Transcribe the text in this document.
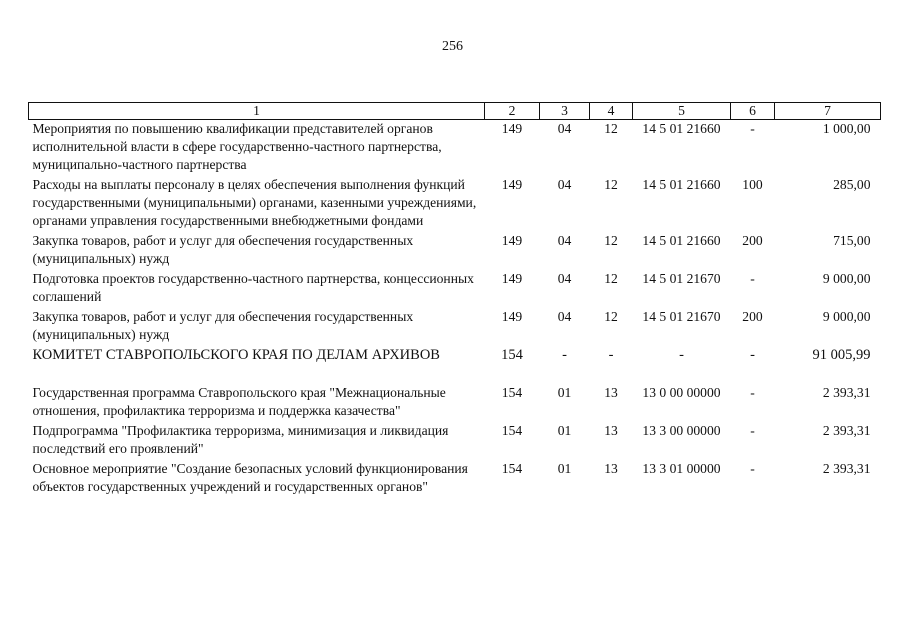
256
1	2	3	4	5	6	7
Мероприятия по повышению квалификации представителей органов исполнительной власти в сфере государственно-частного партнерства, муниципально-частного партнерства	149	04	12	14 5 01 21660	-	1 000,00
Расходы на выплаты персоналу в целях обеспечения выполнения функций государственными (муниципальными) органами, казенными учреждениями, органами управления государственными внебюджетными фондами	149	04	12	14 5 01 21660	100	285,00
Закупка товаров, работ и услуг для обеспечения государственных (муниципальных) нужд	149	04	12	14 5 01 21660	200	715,00
Подготовка проектов государственно-частного партнерства, концессионных соглашений	149	04	12	14 5 01 21670	-	9 000,00
Закупка товаров, работ и услуг для обеспечения государственных (муниципальных) нужд	149	04	12	14 5 01 21670	200	9 000,00
КОМИТЕТ СТАВРОПОЛЬСКОГО КРАЯ ПО ДЕЛАМ АРХИВОВ	154	-	-	-	-	91 005,99
Государственная программа Ставропольского края "Межнациональные отношения, профилактика терроризма и поддержка казачества"	154	01	13	13 0 00 00000	-	2 393,31
Подпрограмма "Профилактика терроризма, минимизация и ликвидация последствий его проявлений"	154	01	13	13 3 00 00000	-	2 393,31
Основное мероприятие "Создание безопасных условий функционирования объектов государственных учреждений и государственных органов"	154	01	13	13 3 01 00000	-	2 393,31
